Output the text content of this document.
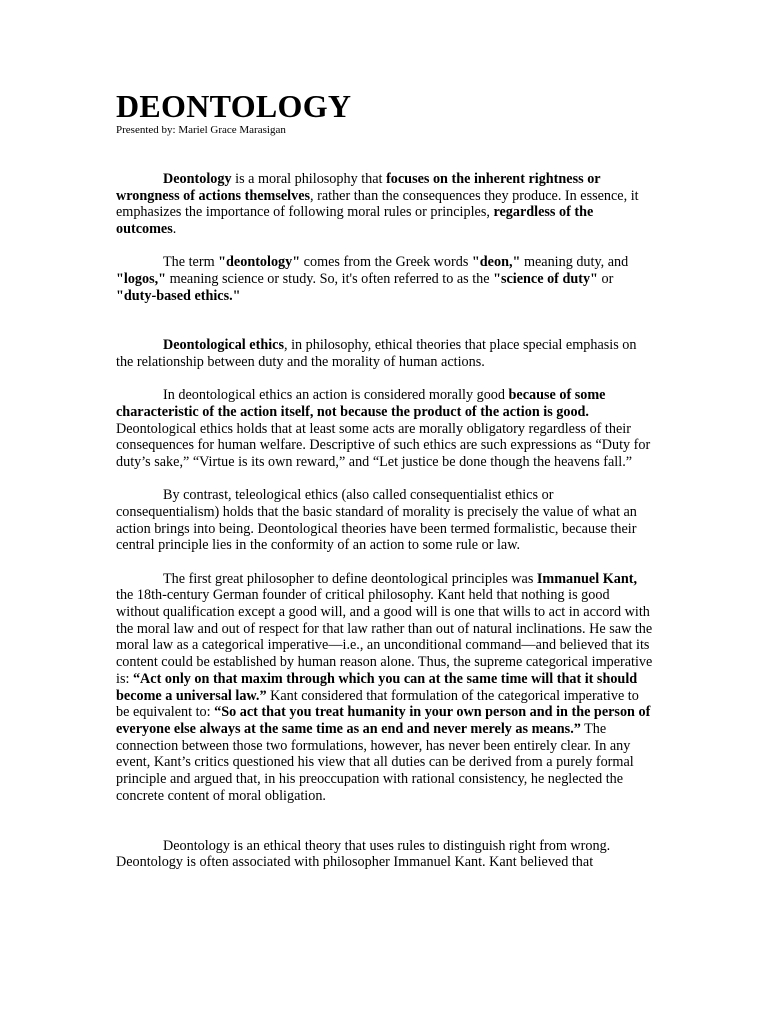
DEONTOLOGY
Presented by: Mariel Grace Marasigan

Deontology is a moral philosophy that focuses on the inherent rightness or wrongness of actions themselves, rather than the consequences they produce. In essence, it emphasizes the importance of following moral rules or principles, regardless of the outcomes.

The term "deontology" comes from the Greek words "deon," meaning duty, and "logos," meaning science or study. So, it's often referred to as the "science of duty" or "duty-based ethics."

Deontological ethics, in philosophy, ethical theories that place special emphasis on the relationship between duty and the morality of human actions.

In deontological ethics an action is considered morally good because of some characteristic of the action itself, not because the product of the action is good. Deontological ethics holds that at least some acts are morally obligatory regardless of their consequences for human welfare. Descriptive of such ethics are such expressions as “Duty for duty’s sake,” “Virtue is its own reward,” and “Let justice be done though the heavens fall.”

By contrast, teleological ethics (also called consequentialist ethics or consequentialism) holds that the basic standard of morality is precisely the value of what an action brings into being. Deontological theories have been termed formalistic, because their central principle lies in the conformity of an action to some rule or law.

The first great philosopher to define deontological principles was Immanuel Kant, the 18th-century German founder of critical philosophy. Kant held that nothing is good without qualification except a good will, and a good will is one that wills to act in accord with the moral law and out of respect for that law rather than out of natural inclinations. He saw the moral law as a categorical imperative—i.e., an unconditional command—and believed that its content could be established by human reason alone. Thus, the supreme categorical imperative is: “Act only on that maxim through which you can at the same time will that it should become a universal law.” Kant considered that formulation of the categorical imperative to be equivalent to: “So act that you treat humanity in your own person and in the person of everyone else always at the same time as an end and never merely as means.” The connection between those two formulations, however, has never been entirely clear. In any event, Kant’s critics questioned his view that all duties can be derived from a purely formal principle and argued that, in his preoccupation with rational consistency, he neglected the concrete content of moral obligation.

Deontology is an ethical theory that uses rules to distinguish right from wrong. Deontology is often associated with philosopher Immanuel Kant. Kant believed that
